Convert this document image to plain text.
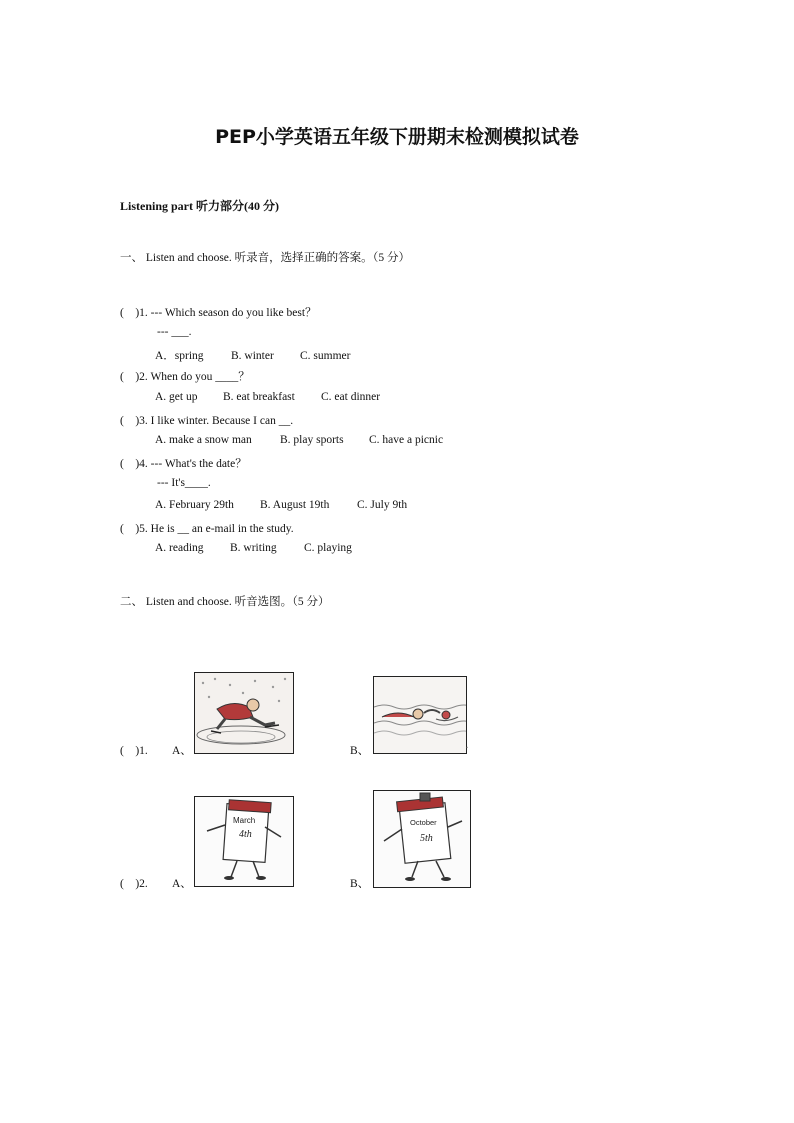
PEP小学英语五年级下册期末检测模拟试卷
Listening part 听力部分(40 分)
一、 Listen and choose. 听录音，选择正确的答案。（5 分）
(　)1. --- Which season do you like best？
--- ___.
A．spring B. winter C. summer
(　)2. When do you ____？
A. get up B. eat breakfast C. eat dinner
(　)3. I like winter. Because I can __.
A. make a snow man B. play sports C. have a picnic
(　)4. --- What's the date？
--- It's____.
A. February 29th B. August 19th C. July 9th
(　)5. He is __ an e-mail in the study.
A. reading B. writing C. playing
二、 Listen and choose. 听音选图。（5 分）
(　)1. A、	B、	.
(　)2. A、	B、
March
4th
October
5th
